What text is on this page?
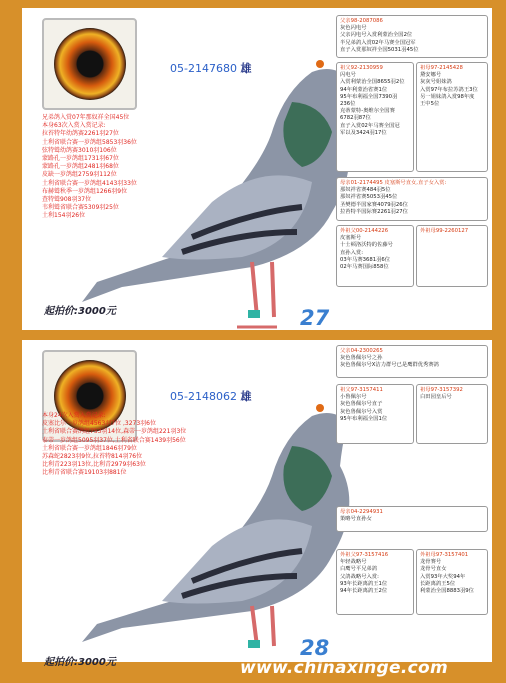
05-2147680 雄
兄弟鸽入赏07年那奴祥全国45位
本身63次入赏入赏记录:
拉苔特年幼鸽赛2261羽27位
土利省联合赛一岁鸽组5853羽36位
弦特鹫幼鸽赛3010羽106位
蒙路孔一岁鸽组1731羽67位
蒙路孔一岁鸽组2481羽68位
皮缺一岁鸽组2759羽112位
土利省联合赛一岁鸽组4143羽33位
布赫鹫秋季一岁鸽组1266羽9位
查特鹫908羽37位
韦利鹫省联合赛5309羽25位
土利154羽26位
起拍价:3000元	27
父亲98-2087086
灰色闪电号
父亲闪电号入赏利蒙治全国2位
半兄弟鸽入赏02年马赛全国冠军
直子入赏那奴祥全国5031羽45位
祖父92-2130959
闪电号
入赏利蒙治全国8655羽2位
94年利蒙治省赛1位
95年布利福全国7390羽
236位
克蒂蒙特-奥维尔全国赛
6782羽87位
直子入赏02年马赛全国冠
军以及3424羽17位
祖母97-2145428
黛安娜号
灰灰号姐妹鸽
入赏97年布拉苏鸽王3位
另一姐妹鸽入赏98年度
王中5位
母亲01-2174495 皮塞斯号直女,直子女入赏:
那奴祥省赛484羽5位
那奴祥省赛5053羽45位
圣樊德半国家赛4079羽26位
拉苔特半国际赛2261羽27位
外祖父00-2144226
皮塞斯号
十士顿洛沃特的佐藤号
直孙入赏:
03年马赛3681羽6位
02年马赛国际858位
外祖母99-2260127
05-2148062 雄
本身24次入赏入赏记录:
皮塞比尔一岁鸽组4563羽7位 ,3273羽6位
土利省联合赛鸽组753羽14位,森蒂一岁鸽组221羽3位
泰蒂一岁鸽组5095羽37位,土利省联合赛1439羽56位
土利省联合赛一岁鸽组1846羽79位
苏森蛇2823羽9位,拉苔特814羽76位
比利青223羽13位,比利青2979羽63位
比利青省联合赛19103羽881位
起拍价:3000元
28
父亲04-2300265
灰色鲁佩尔号之孙
灰色鲁佩尔号X洁力群号已是鹰群优秀赛鸽
祖父97-3157411
小鲁佩尔号
灰色鲁佩尔号直子
灰色鲁佩尔号入赏
95年布利福全国1位
祖母97-3157392
白田园皇后号
母亲04-2294931
策略号直孙女
外祖父97-3157416
年轻战略号
白鹰号平兄弟鸽
父鸽战略号入赏:
93年长距离鸽王1位
94年长距离鸽王2位
外祖母97-3157401
龙骨赛号
龙骨号直女
入赏93年大奖94年
长距离鸽王5位
利蒙治全国8883羽9位
www.chinaxinge.com
